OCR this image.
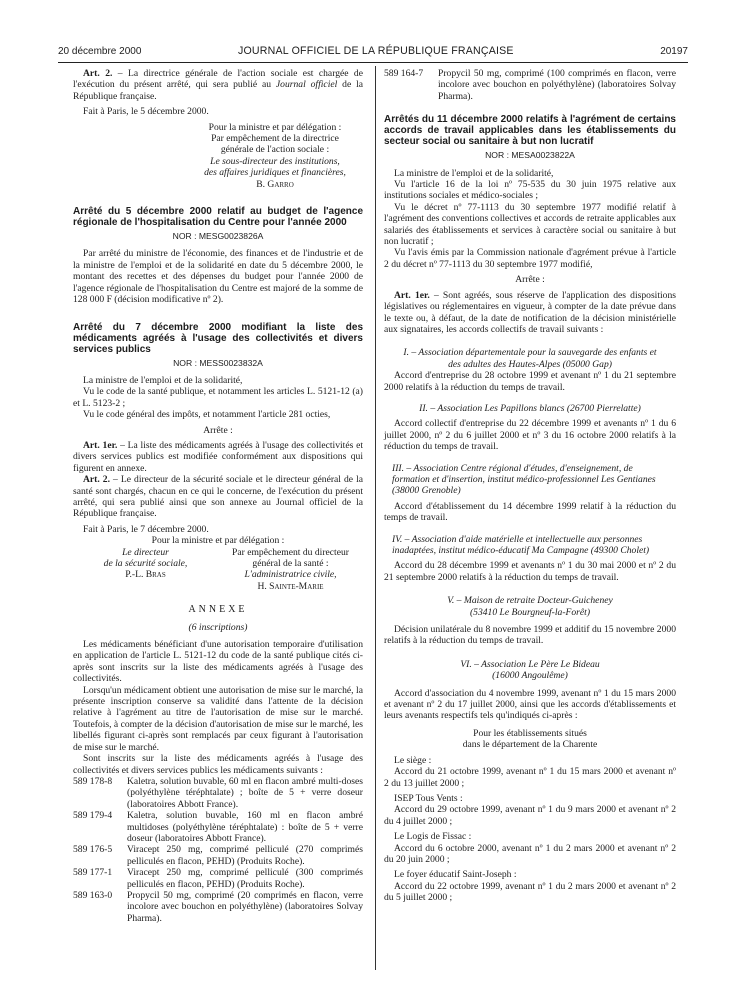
20 décembre 2000	JOURNAL OFFICIEL DE LA RÉPUBLIQUE FRANÇAISE	20197

Art. 2. – La directrice générale de l'action sociale est chargée de l'exécution du présent arrêté, qui sera publié au Journal officiel de la République française.

Fait à Paris, le 5 décembre 2000.

Pour la ministre et par délégation :
Par empêchement de la directrice
générale de l'action sociale :
Le sous-directeur des institutions,
des affaires juridiques et financières,
B. Garro
Arrêté du 5 décembre 2000 relatif au budget de l'agence régionale de l'hospitalisation du Centre pour l'année 2000
NOR : MESG0023826A

Par arrêté du ministre de l'économie, des finances et de l'industrie et de la ministre de l'emploi et de la solidarité en date du 5 décembre 2000, le montant des recettes et des dépenses du budget pour l'année 2000 de l'agence régionale de l'hospitalisation du Centre est majoré de la somme de 128 000 F (décision modificative nº 2).

Arrêté du 7 décembre 2000 modifiant la liste des médicaments agréés à l'usage des collectivités et divers services publics
NOR : MESS0023832A

La ministre de l'emploi et de la solidarité,

Vu le code de la santé publique, et notamment les articles L. 5121-12 (a) et L. 5123-2 ;

Vu le code général des impôts, et notamment l'article 281 octies,

Arrête :

Art. 1er. – La liste des médicaments agréés à l'usage des collectivités et divers services publics est modifiée conformément aux dispositions qui figurent en annexe.

Art. 2. – Le directeur de la sécurité sociale et le directeur général de la santé sont chargés, chacun en ce qui le concerne, de l'exécution du présent arrêté, qui sera publié ainsi que son annexe au Journal officiel de la République française.

Fait à Paris, le 7 décembre 2000.

Pour la ministre et par délégation :

Le directeur
de la sécurité sociale,
P.-L. Bras
Par empêchement du directeur
général de la santé :
L'administratrice civile,
H. Sainte-Marie
ANNEXE

(6 inscriptions)

Les médicaments bénéficiant d'une autorisation temporaire d'utilisation en application de l'article L. 5121-12 du code de la santé publique cités ci-après sont inscrits sur la liste des médicaments agréés à l'usage des collectivités.

Lorsqu'un médicament obtient une autorisation de mise sur le marché, la présente inscription conserve sa validité dans l'attente de la décision relative à l'agrément au titre de l'autorisation de mise sur le marché. Toutefois, à compter de la décision d'autorisation de mise sur le marché, les libellés figurant ci-après sont remplacés par ceux figurant à l'autorisation de mise sur le marché.

Sont inscrits sur la liste des médicaments agréés à l'usage des collectivités et divers services publics les médicaments suivants :

589 178-8	Kaletra, solution buvable, 60 ml en flacon ambré multi-doses (polyéthylène téréphtalate) ; boîte de 5 + verre doseur (laboratoires Abbott France).
589 179-4	Kaletra, solution buvable, 160 ml en flacon ambré multidoses (polyéthylène téréphtalate) : boîte de 5 + verre doseur (laboratoires Abbott France).
589 176-5	Viracept 250 mg, comprimé pelliculé (270 comprimés pelliculés en flacon, PEHD) (Produits Roche).
589 177-1	Viracept 250 mg, comprimé pelliculé (300 comprimés pelliculés en flacon, PEHD) (Produits Roche).
589 163-0	Propycil 50 mg, comprimé (20 comprimés en flacon, verre incolore avec bouchon en polyéthylène) (laboratoires Solvay Pharma).
589 164-7	Propycil 50 mg, comprimé (100 comprimés en flacon, verre incolore avec bouchon en polyéthylène) (laboratoires Solvay Pharma).
Arrêtés du 11 décembre 2000 relatifs à l'agrément de certains accords de travail applicables dans les établissements du secteur social ou sanitaire à but non lucratif
NOR : MESA0023822A

La ministre de l'emploi et de la solidarité,

Vu l'article 16 de la loi nº 75-535 du 30 juin 1975 relative aux institutions sociales et médico-sociales ;

Vu le décret nº 77-1113 du 30 septembre 1977 modifié relatif à l'agrément des conventions collectives et accords de retraite applicables aux salariés des établissements et services à caractère social ou sanitaire à but non lucratif ;

Vu l'avis émis par la Commission nationale d'agrément prévue à l'article 2 du décret nº 77-1113 du 30 septembre 1977 modifié,

Arrête :

Art. 1er. – Sont agréés, sous réserve de l'application des dispositions législatives ou réglementaires en vigueur, à compter de la date prévue dans le texte ou, à défaut, de la date de notification de la décision ministérielle aux signataires, les accords collectifs de travail suivants :

I. – Association départementale pour la sauvegarde des enfants et des adultes des Hautes-Alpes (05000 Gap)

Accord d'entreprise du 28 octobre 1999 et avenant nº 1 du 21 septembre 2000 relatifs à la réduction du temps de travail.

II. – Association Les Papillons blancs (26700 Pierrelatte)

Accord collectif d'entreprise du 22 décembre 1999 et avenants nº 1 du 6 juillet 2000, nº 2 du 6 juillet 2000 et nº 3 du 16 octobre 2000 relatifs à la réduction du temps de travail.

III. – Association Centre régional d'études, d'enseignement, de formation et d'insertion, institut médico-professionnel Les Gentianes (38000 Grenoble)

Accord d'établissement du 14 décembre 1999 relatif à la réduction du temps de travail.

IV. – Association d'aide matérielle et intellectuelle aux personnes inadaptées, institut médico-éducatif Ma Campagne (49300 Cholet)

Accord du 28 décembre 1999 et avenants nº 1 du 30 mai 2000 et nº 2 du 21 septembre 2000 relatifs à la réduction du temps de travail.

V. – Maison de retraite Docteur-Guicheney

(53410 Le Bourgneuf-la-Forêt)

Décision unilatérale du 8 novembre 1999 et additif du 15 novembre 2000 relatifs à la réduction du temps de travail.

VI. – Association Le Père Le Bideau

(16000 Angoulême)

Accord d'association du 4 novembre 1999, avenant nº 1 du 15 mars 2000 et avenant nº 2 du 17 juillet 2000, ainsi que les accords d'établissements et leurs avenants respectifs tels qu'indiqués ci-après :

Pour les établissements situés

dans le département de la Charente

Le siège :

Accord du 21 octobre 1999, avenant nº 1 du 15 mars 2000 et avenant nº 2 du 13 juillet 2000 ;

ISEP Tous Vents :

Accord du 29 octobre 1999, avenant nº 1 du 9 mars 2000 et avenant nº 2 du 4 juillet 2000 ;

Le Logis de Fissac :

Accord du 6 octobre 2000, avenant nº 1 du 2 mars 2000 et avenant nº 2 du 20 juin 2000 ;

Le foyer éducatif Saint-Joseph :

Accord du 22 octobre 1999, avenant nº 1 du 2 mars 2000 et avenant nº 2 du 5 juillet 2000 ;
